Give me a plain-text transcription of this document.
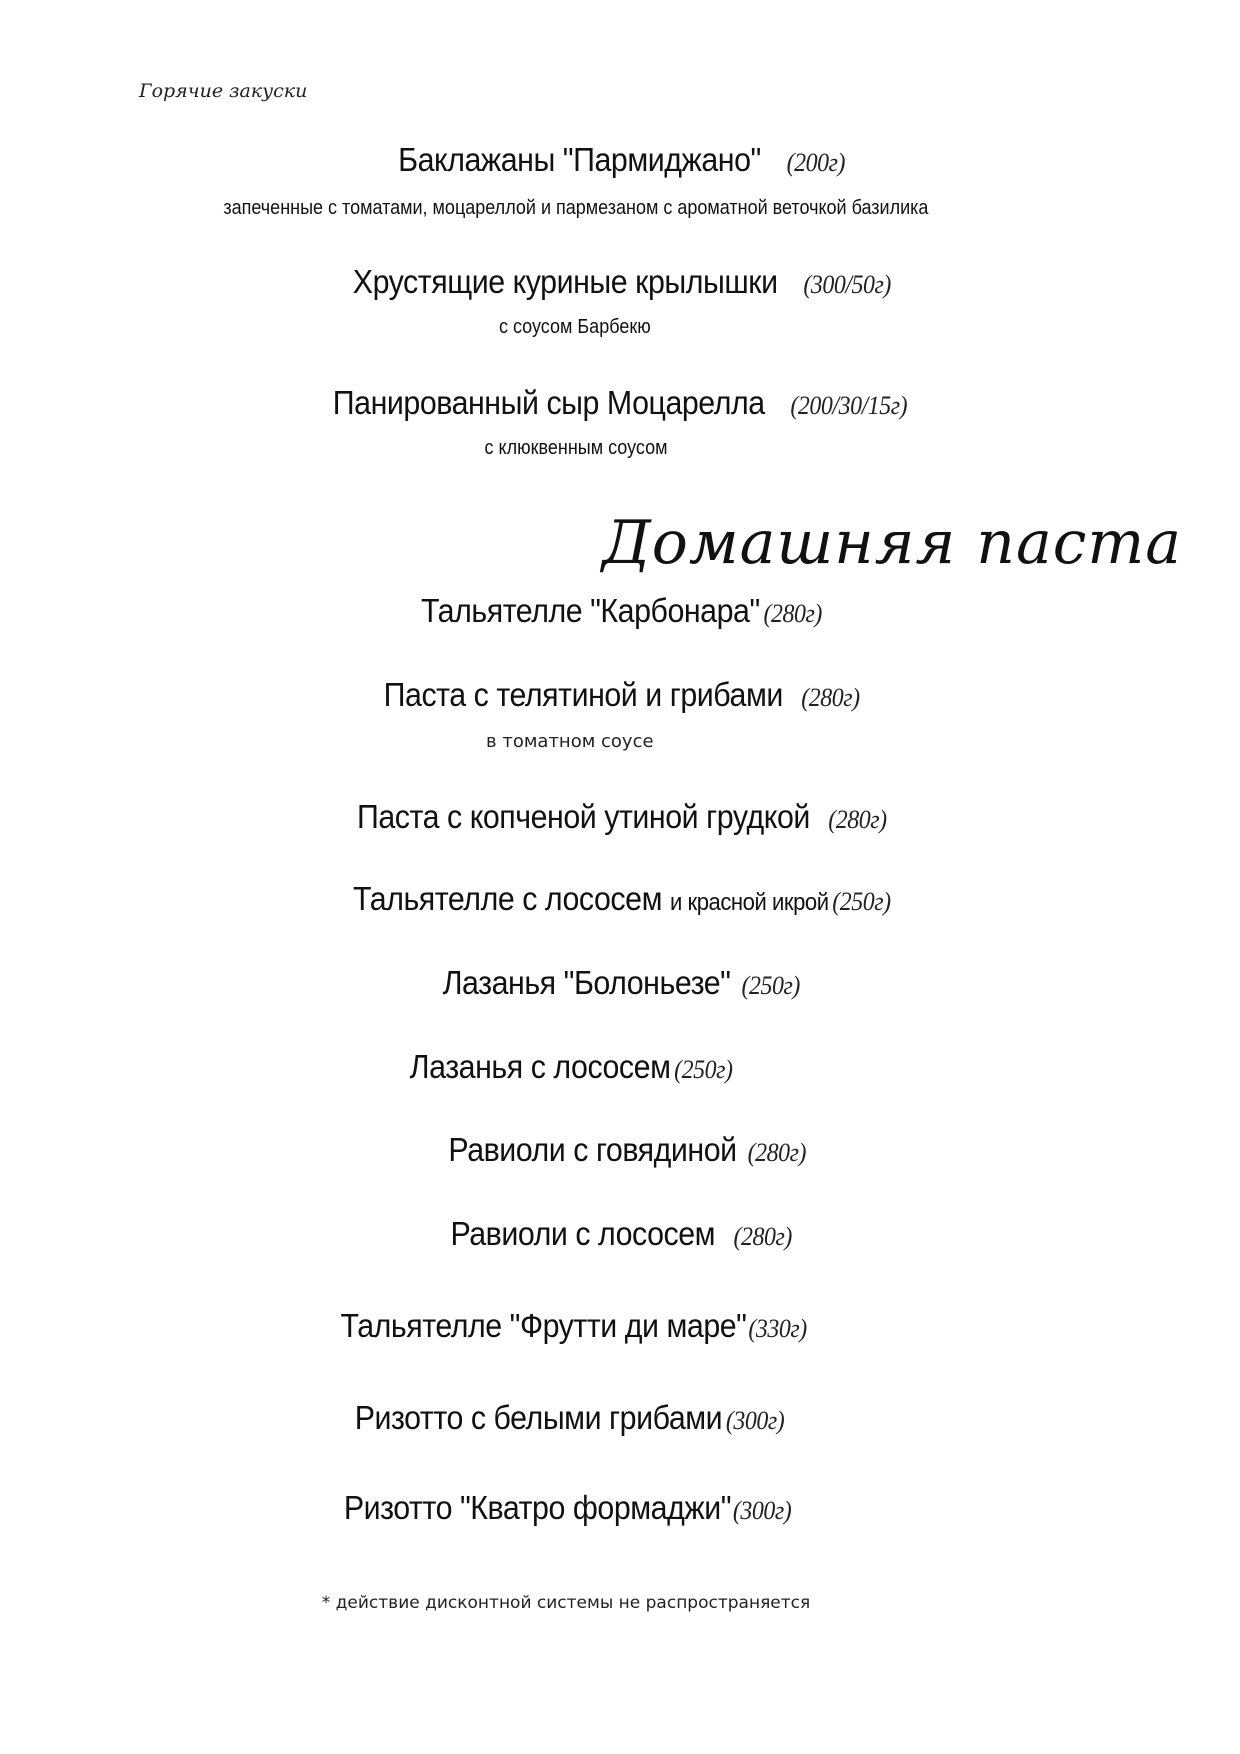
Горячие закуски
Баклажаны "Пармиджано" (200г)
запеченные с томатами, моцареллой и пармезаном с ароматной веточкой базилика
Хрустящие куриные крылышки (300/50г)
с соусом Барбекю
Панированный сыр Моцарелла (200/30/15г)
с клюквенным соусом
Домашняя паста
Тальятелле "Карбонара" (280г)
Паста с телятиной и грибами (280г)
в томатном соусе
Паста с копченой утиной грудкой (280г)
Тальятелле с лососем и красной икрой (250г)
Лазанья "Болоньезе" (250г)
Лазанья с лососем (250г)
Равиоли с говядиной (280г)
Равиоли с лососем (280г)
Тальятелле "Фрутти ди маре"(330г)
Ризотто с белыми грибами (300г)
Ризотто "Кватро формаджи"(300г)
* действие дисконтной системы не распространяется
